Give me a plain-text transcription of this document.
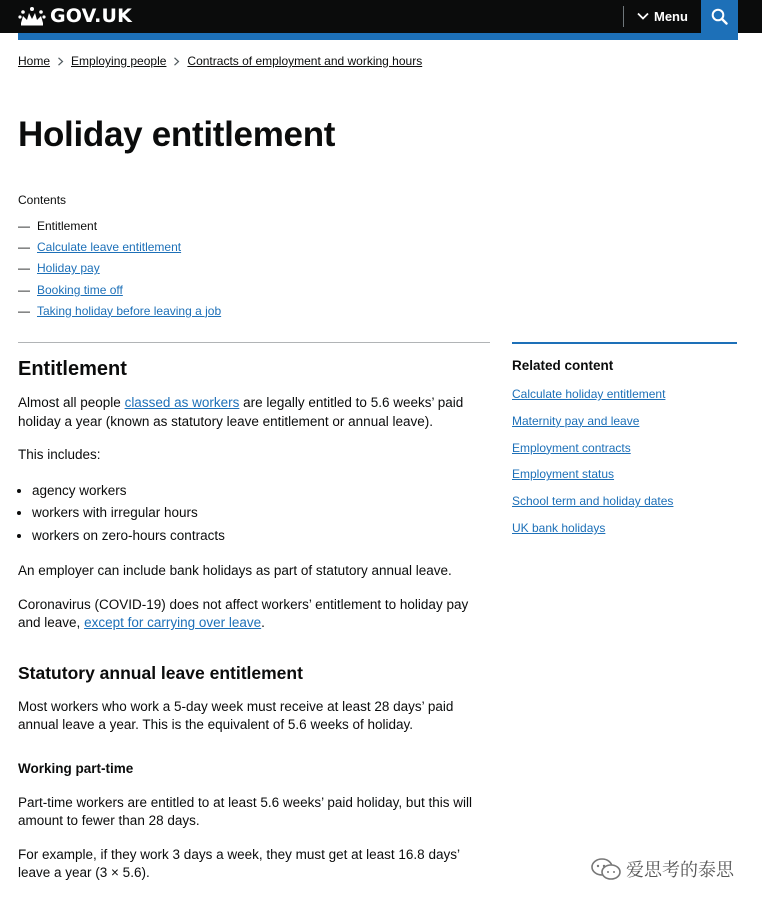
GOV.UK	Menu
Home Employing people Contracts of employment and working hours
Holiday entitlement
Contents
— Entitlement
— Calculate leave entitlement
— Holiday pay
— Booking time off
— Taking holiday before leaving a job
Entitlement

Almost all people classed as workers are legally entitled to 5.6 weeks’ paid holiday a year (known as statutory leave entitlement or annual leave).

This includes:

• agency workers
• workers with irregular hours
• workers on zero-hours contracts

An employer can include bank holidays as part of statutory annual leave.

Coronavirus (COVID-19) does not affect workers’ entitlement to holiday pay and leave, except for carrying over leave.

Statutory annual leave entitlement

Most workers who work a 5-day week must receive at least 28 days’ paid annual leave a year. This is the equivalent of 5.6 weeks of holiday.

Working part-time

Part-time workers are entitled to at least 5.6 weeks’ paid holiday, but this will amount to fewer than 28 days.

For example, if they work 3 days a week, they must get at least 16.8 days’ leave a year (3 × 5.6).

Related content
Calculate holiday entitlement
Maternity pay and leave
Employment contracts
Employment status
School term and holiday dates
UK bank holidays
爱思考的泰思
